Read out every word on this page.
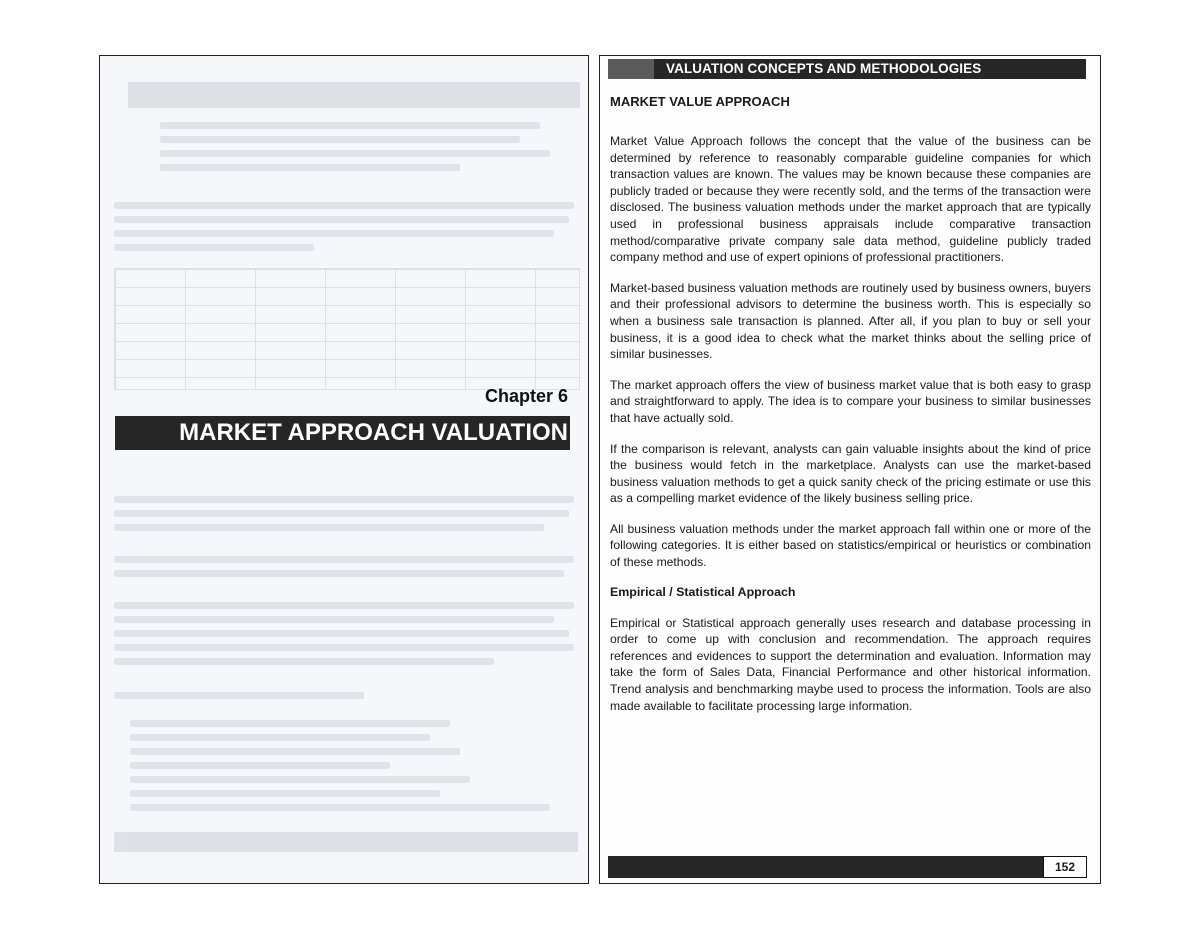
Chapter 6
MARKET APPROACH VALUATION
VALUATION CONCEPTS AND METHODOLOGIES
MARKET VALUE APPROACH

Market Value Approach follows the concept that the value of the business can be determined by reference to reasonably comparable guideline companies for which transaction values are known. The values may be known because these companies are publicly traded or because they were recently sold, and the terms of the transaction were disclosed. The business valuation methods under the market approach that are typically used in professional business appraisals include comparative transaction method/comparative private company sale data method, guideline publicly traded company method and use of expert opinions of professional practitioners.

Market-based business valuation methods are routinely used by business owners, buyers and their professional advisors to determine the business worth. This is especially so when a business sale transaction is planned. After all, if you plan to buy or sell your business, it is a good idea to check what the market thinks about the selling price of similar businesses.

The market approach offers the view of business market value that is both easy to grasp and straightforward to apply. The idea is to compare your business to similar businesses that have actually sold.

If the comparison is relevant, analysts can gain valuable insights about the kind of price the business would fetch in the marketplace. Analysts can use the market-based business valuation methods to get a quick sanity check of the pricing estimate or use this as a compelling market evidence of the likely business selling price.

All business valuation methods under the market approach fall within one or more of the following categories. It is either based on statistics/empirical or heuristics or combination of these methods.

Empirical / Statistical Approach

Empirical or Statistical approach generally uses research and database processing in order to come up with conclusion and recommendation. The approach requires references and evidences to support the determination and evaluation. Information may take the form of Sales Data, Financial Performance and other historical information. Trend analysis and benchmarking maybe used to process the information. Tools are also made available to facilitate processing large information.

152
